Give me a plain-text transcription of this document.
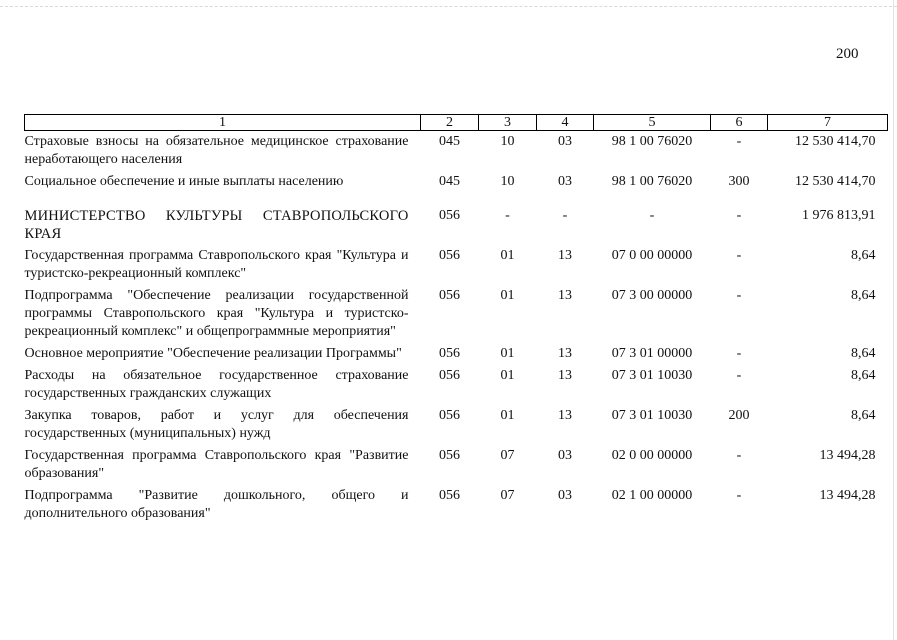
200
1	2	3	4	5	6	7
Страховые взносы на обязательное медицинское страхование неработающего населения	045	10	03	98 1 00 76020	-	12 530 414,70
Социальное обеспечение и иные выплаты населению	045	10	03	98 1 00 76020	300	12 530 414,70

МИНИСТЕРСТВО КУЛЬТУРЫ СТАВРОПОЛЬСКОГО КРАЯ	056	-	-	-	-	1 976 813,91
Государственная программа Ставропольского края "Культура и туристско-рекреационный комплекс"	056	01	13	07 0 00 00000	-	8,64
Подпрограмма "Обеспечение реализации государственной программы Ставропольского края "Культура и туристско-рекреационный комплекс" и общепрограммные мероприятия"	056	01	13	07 3 00 00000	-	8,64
Основное мероприятие "Обеспечение реализации Программы"	056	01	13	07 3 01 00000	-	8,64
Расходы на обязательное государственное страхование государственных гражданских служащих	056	01	13	07 3 01 10030	-	8,64
Закупка товаров, работ и услуг для обеспечения государственных (муниципальных) нужд	056	01	13	07 3 01 10030	200	8,64
Государственная программа Ставропольского края "Развитие образования"	056	07	03	02 0 00 00000	-	13 494,28
Подпрограмма "Развитие дошкольного, общего и дополнительного образования"	056	07	03	02 1 00 00000	-	13 494,28
